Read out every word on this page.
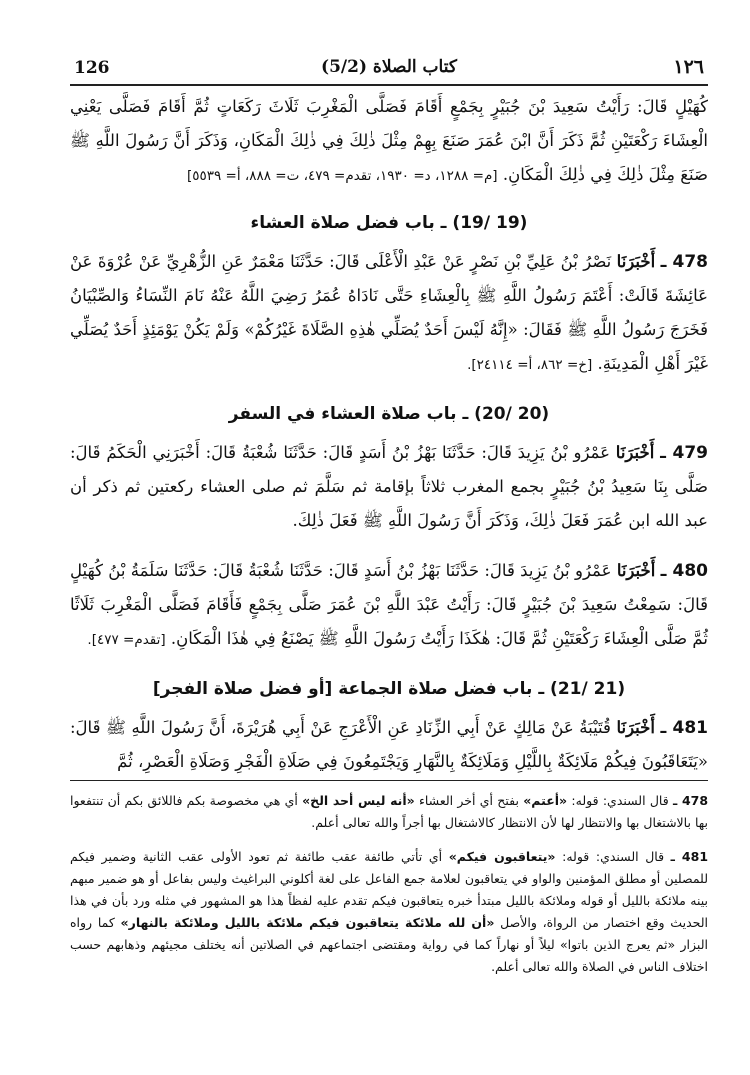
126	كتاب الصلاة (5/2)	١٢٦

كُهَيْلٍ قَالَ: رَأَيْتُ سَعِيدَ بْنَ جُبَيْرٍ بِجَمْعٍ أَقَامَ فَصَلَّى الْمَغْرِبَ ثَلَاثَ رَكَعَاتٍ ثُمَّ أَقَامَ فَصَلَّى يَعْنِي الْعِشَاءَ رَكْعَتَيْنِ ثُمَّ ذَكَرَ أَنَّ ابْنَ عُمَرَ صَنَعَ بِهِمْ مِثْلَ ذٰلِكَ فِي ذٰلِكَ الْمَكَانِ، وَذَكَرَ أَنَّ رَسُولَ اللَّهِ ﷺ صَنَعَ مِثْلَ ذٰلِكَ فِي ذٰلِكَ الْمَكَانِ. [م= ١٢٨٨، د= ١٩٣٠، تقدم= ٤٧٩، ت= ٨٨٨، أ= ٥٥٣٩]

(19 /19) ـ باب فضل صلاة العشاء

478 ـ أَخْبَرَنَا نَصْرُ بْنُ عَلِيِّ بْنِ نَصْرٍ عَنْ عَبْدِ الْأَعْلَى قَالَ: حَدَّثَنَا مَعْمَرٌ عَنِ الزُّهْرِيِّ عَنْ عُرْوَةَ عَنْ عَائِشَةَ قَالَتْ: أَعْتَمَ رَسُولُ اللَّهِ ﷺ بِالْعِشَاءِ حَتَّى نَادَاهُ عُمَرُ رَضِيَ اللَّهُ عَنْهُ نَامَ النِّسَاءُ وَالصِّبْيَانُ فَخَرَجَ رَسُولُ اللَّهِ ﷺ فَقَالَ: «إِنَّهُ لَيْسَ أَحَدٌ يُصَلِّي هٰذِهِ الصَّلَاةَ غَيْرُكُمْ» وَلَمْ يَكُنْ يَوْمَئِذٍ أَحَدٌ يُصَلِّي غَيْرَ أَهْلِ الْمَدِينَةِ. [خ= ٨٦٢، أ= ٢٤١١٤].

(20 /20) ـ باب صلاة العشاء في السفر

479 ـ أَخْبَرَنَا عَمْرُو بْنُ يَزِيدَ قَالَ: حَدَّثَنَا بَهْزُ بْنُ أَسَدٍ قَالَ: حَدَّثَنَا شُعْبَةُ قَالَ: أَخْبَرَنِي الْحَكَمُ قَالَ: صَلَّى بِنَا سَعِيدُ بْنُ جُبَيْرٍ بجمع المغرب ثلاثاً بإقامة ثم سَلَّمَ ثم صلى العشاء ركعتين ثم ذكر أن عبد الله ابن عُمَرَ فَعَلَ ذٰلِكَ، وَذَكَرَ أَنَّ رَسُولَ اللَّهِ ﷺ فَعَلَ ذٰلِكَ.

480 ـ أَخْبَرَنَا عَمْرُو بْنُ يَزِيدَ قَالَ: حَدَّثَنَا بَهْزُ بْنُ أَسَدٍ قَالَ: حَدَّثَنَا شُعْبَةُ قَالَ: حَدَّثَنَا سَلَمَةُ بْنُ كُهَيْلٍ قَالَ: سَمِعْتُ سَعِيدَ بْنَ جُبَيْرٍ قَالَ: رَأَيْتُ عَبْدَ اللَّهِ بْنَ عُمَرَ صَلَّى بِجَمْعٍ فَأَقَامَ فَصَلَّى الْمَغْرِبَ ثَلَاثًا ثُمَّ صَلَّى الْعِشَاءَ رَكْعَتَيْنِ ثُمَّ قَالَ: هٰكَذَا رَأَيْتُ رَسُولَ اللَّهِ ﷺ يَصْنَعُ فِي هٰذَا الْمَكَانِ. [تقدم= ٤٧٧].

(21 /21) ـ باب فضل صلاة الجماعة [أو فضل صلاة الفجر]

481 ـ أَخْبَرَنَا قُتَيْبَةُ عَنْ مَالِكٍ عَنْ أَبِي الزِّنَادِ عَنِ الْأَعْرَجِ عَنْ أَبِي هُرَيْرَةَ، أَنَّ رَسُولَ اللَّهِ ﷺ قَالَ: «يَتَعَاقَبُونَ فِيكُمْ مَلَائِكَةٌ بِاللَّيْلِ وَمَلَائِكَةٌ بِالنَّهَارِ وَيَجْتَمِعُونَ فِي صَلَاةِ الْفَجْرِ وَصَلَاةِ الْعَصْرِ، ثُمَّ

478 ـ قال السندي: قوله: «أعتم» بفتح أي أخر العشاء «أنه ليس أحد الخ» أي هي مخصوصة بكم فاللائق بكم أن تنتفعوا بها بالاشتغال بها والانتظار لها لأن الانتظار كالاشتغال بها أجراً والله تعالى أعلم.

481 ـ قال السندي: قوله: «يتعاقبون فيكم» أي تأتي طائفة عقب طائفة ثم تعود الأولى عقب الثانية وضمير فيكم للمصلين أو مطلق المؤمنين والواو في يتعاقبون لعلامة جمع الفاعل على لغة أكلوني البراغيث وليس بفاعل أو هو ضمير مبهم بينه ملائكة بالليل أو قوله وملائكة بالليل مبتدأ خبره يتعاقبون فيكم تقدم عليه لفظاً هذا هو المشهور في مثله ورد بأن في هذا الحديث وقع اختصار من الرواة، والأصل «أن لله ملائكة يتعاقبون فيكم ملائكة بالليل وملائكة بالنهار» كما رواه البزار «ثم يعرج الذين باتوا» ليلاً أو نهاراً كما في رواية ومقتضى اجتماعهم في الصلاتين أنه يختلف مجيئهم وذهابهم حسب اختلاف الناس في الصلاة والله تعالى أعلم.
